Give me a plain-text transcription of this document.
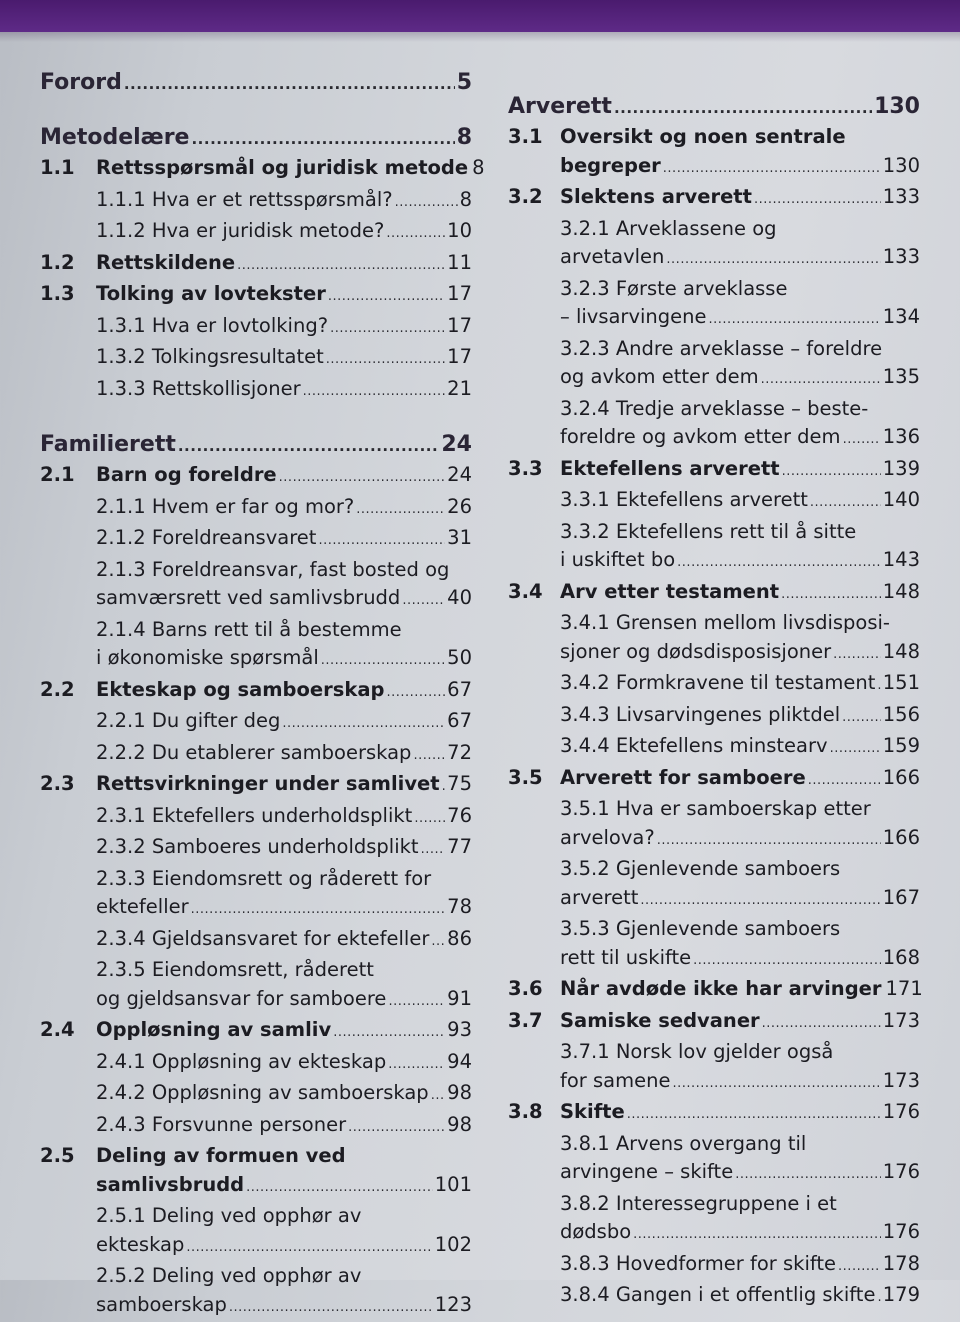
Forord .....	5
Metodelære .....	8
1.1	Rettsspørsmål og juridisk metode 8
1.1.1 Hva er et rettsspørsmål? .....	8
1.1.2 Hva er juridisk metode? .....	10
1.2	Rettskildene .....	11
1.3	Tolking av lovtekster .....	17
1.3.1 Hva er lovtolking? .....	17
1.3.2 Tolkingsresultatet .....	17
1.3.3 Rettskollisjoner .....	21
Familierett .....	24
2.1	Barn og foreldre .....	24
2.1.1 Hvem er far og mor? .....	26
2.1.2 Foreldreansvaret .....	31
2.1.3 Foreldreansvar, fast bosted og
samværsrett ved samlivsbrudd ..... 40
2.1.4 Barns rett til å bestemme
i økonomiske spørsmål .....	50
2.2	Ekteskap og samboerskap .....	67
2.2.1 Du gifter deg .....	67
2.2.2 Du etablerer samboerskap ..... 72
2.3	Rettsvirkninger under samlivet ..... 75
2.3.1 Ektefellers underholdsplikt ..... 76
2.3.2 Samboeres underholdsplikt ..... 77
2.3.3 Eiendomsrett og råderett for
ektefeller .....	78
2.3.4 Gjeldsansvaret for ektefeller ..... 86
2.3.5 Eiendomsrett, råderett
og gjeldsansvar for samboere .....	91
2.4	Oppløsning av samliv .....	93
2.4.1 Oppløsning av ekteskap .....	94
2.4.2 Oppløsning av samboerskap ..... 98
2.4.3 Forsvunne personer .....	98
2.5	Deling av formuen ved
samlivsbrudd .....	101
2.5.1 Deling ved opphør av
ekteskap .....	102
2.5.2 Deling ved opphør av
samboerskap .....	123
Arverett .....	130
3.1 Oversikt og noen sentrale
begreper .....	130
3.2 Slektens arverett .....	133
3.2.1 Arveklassene og
arvetavlen .....	133
3.2.3 Første arveklasse
– livsarvingene .....	134
3.2.3 Andre arveklasse – foreldre
og avkom etter dem .....	135
3.2.4 Tredje arveklasse – beste-
foreldre og avkom etter dem ..... 136
3.3 Ektefellens arverett .....	139
3.3.1 Ektefellens arverett .....	140
3.3.2 Ektefellens rett til å sitte
i uskiftet bo .....	143
3.4 Arv etter testament .....	148
3.4.1 Grensen mellom livsdisposi-
sjoner og dødsdisposisjoner .....	148
3.4.2 Formkravene til testament ..... 151
3.4.3 Livsarvingenes pliktdel ..... 156
3.4.4 Ektefellens minstearv .....	159
3.5 Arverett for samboere .....	166
3.5.1 Hva er samboerskap etter
arvelova? .....	166
3.5.2 Gjenlevende samboers
arverett .....	167
3.5.3 Gjenlevende samboers
rett til uskifte .....	168
3.6 Når avdøde ikke har arvinger 171
3.7 Samiske sedvaner .....	173
3.7.1 Norsk lov gjelder også
for samene .....	173
3.8 Skifte .....	176
3.8.1 Arvens overgang til
arvingene – skifte .....	176
3.8.2 Interessegruppene i et
dødsbo .....	176
3.8.3 Hovedformer for skifte ..... 178
3.8.4 Gangen i et offentlig skifte ..... 179
